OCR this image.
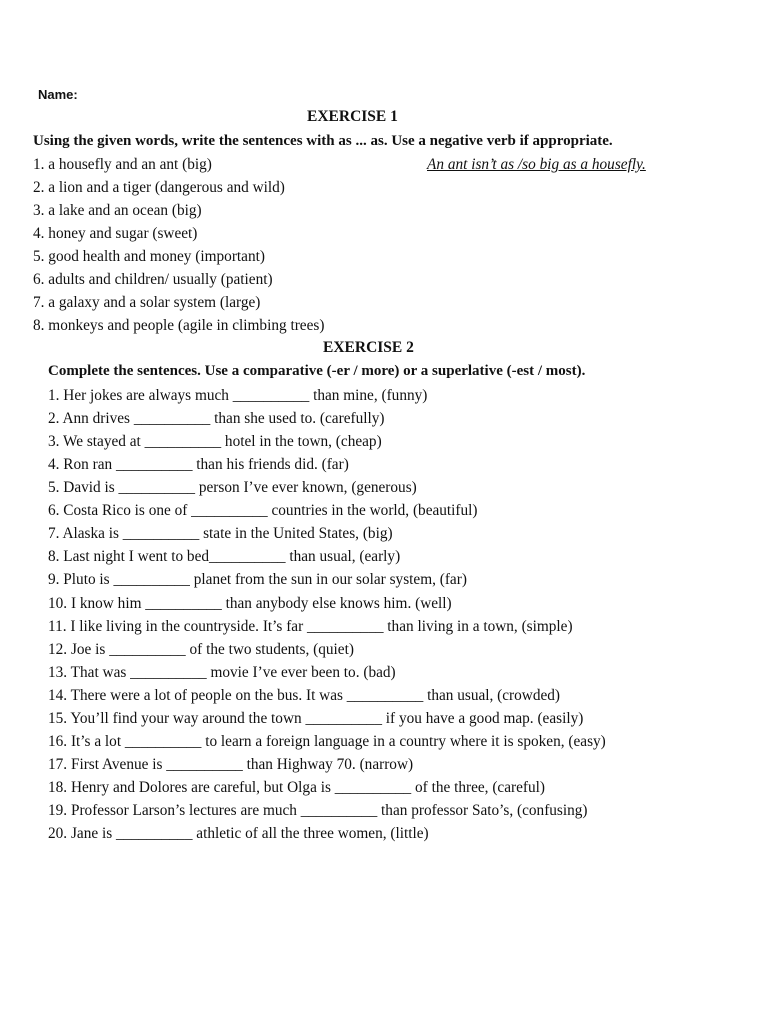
Name:
EXERCISE 1
Using the given words, write the sentences with as ... as. Use a negative verb if appropriate.
An ant isn’t as /so big as a housefly.
1. a housefly and an ant (big)
2. a lion and a tiger (dangerous and wild)
3. a lake and an ocean (big)
4. honey and sugar (sweet)
5. good health and money (important)
6. adults and children/ usually (patient)
7. a galaxy and a solar system (large)
8. monkeys and people (agile in climbing trees)
EXERCISE 2
Complete the sentences. Use a comparative (-er / more) or a superlative (-est / most).
1. Her jokes are always much __________ than mine, (funny)
2. Ann drives __________ than she used to. (carefully)
3. We stayed at __________ hotel in the town, (cheap)
4. Ron ran __________ than his friends did. (far)
5. David is __________ person I’ve ever known, (generous)
6. Costa Rico is one of __________ countries in the world, (beautiful)
7. Alaska is __________ state in the United States, (big)
8. Last night I went to bed__________ than usual, (early)
9. Pluto is __________ planet from the sun in our solar system, (far)
10. I know him __________ than anybody else knows him. (well)
11. I like living in the countryside. It’s far __________ than living in a town, (simple)
12. Joe is __________ of the two students, (quiet)
13. That was __________ movie I’ve ever been to. (bad)
14. There were a lot of people on the bus. It was __________ than usual, (crowded)
15. You’ll find your way around the town __________ if you have a good map. (easily)
16. It’s a lot __________ to learn a foreign language in a country where it is spoken, (easy)
17. First Avenue is __________ than Highway 70. (narrow)
18. Henry and Dolores are careful, but Olga is __________ of the three, (careful)
19. Professor Larson’s lectures are much __________ than professor Sato’s, (confusing)
20. Jane is __________ athletic of all the three women, (little)
